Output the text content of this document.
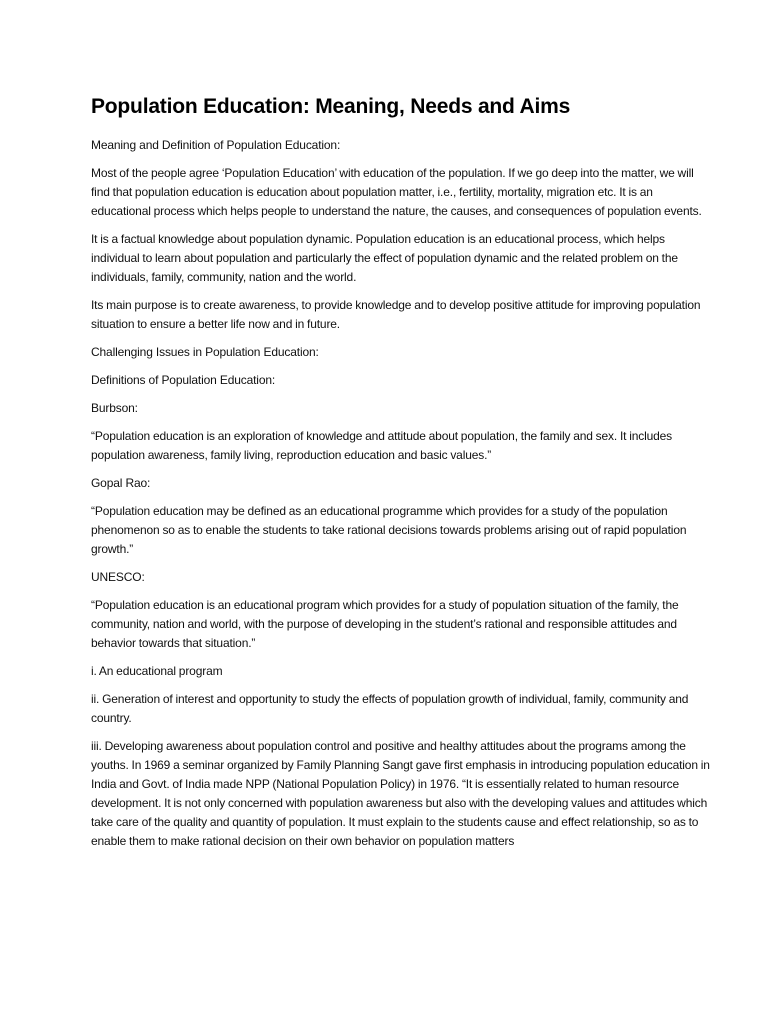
Population Education: Meaning, Needs and Aims

Meaning and Definition of Population Education:

Most of the people agree ‘Population Education’ with education of the population. If we go deep into the matter, we will find that population education is education about population matter, i.e., fertility, mortality, migration etc. It is an educational process which helps people to understand the nature, the causes, and consequences of population events.

It is a factual knowledge about population dynamic. Population education is an educational process, which helps individual to learn about population and particularly the effect of population dynamic and the related problem on the individuals, family, community, nation and the world.

Its main purpose is to create awareness, to provide knowledge and to develop positive attitude for improving population situation to ensure a better life now and in future.

Challenging Issues in Population Education:

Definitions of Population Education:

Burbson:

“Population education is an exploration of knowledge and attitude about population, the family and sex. It includes population awareness, family living, reproduction education and basic values.”

Gopal Rao:

“Population education may be defined as an educational programme which provides for a study of the population phenomenon so as to enable the students to take rational decisions towards problems arising out of rapid population growth.”

UNESCO:

“Population education is an educational program which provides for a study of population situation of the family, the community, nation and world, with the purpose of developing in the student’s rational and responsible attitudes and behavior towards that situation.”

i. An educational program

ii. Generation of interest and opportunity to study the effects of population growth of individual, family, community and country.

iii. Developing awareness about population control and positive and healthy attitudes about the programs among the youths. In 1969 a seminar organized by Family Planning Sangt gave first emphasis in introducing population education in India and Govt. of India made NPP (National Population Policy) in 1976. “It is essentially related to human resource development. It is not only concerned with population awareness but also with the developing values and attitudes which take care of the quality and quantity of population. It must explain to the students cause and effect relationship, so as to enable them to make rational decision on their own behavior on population matters
